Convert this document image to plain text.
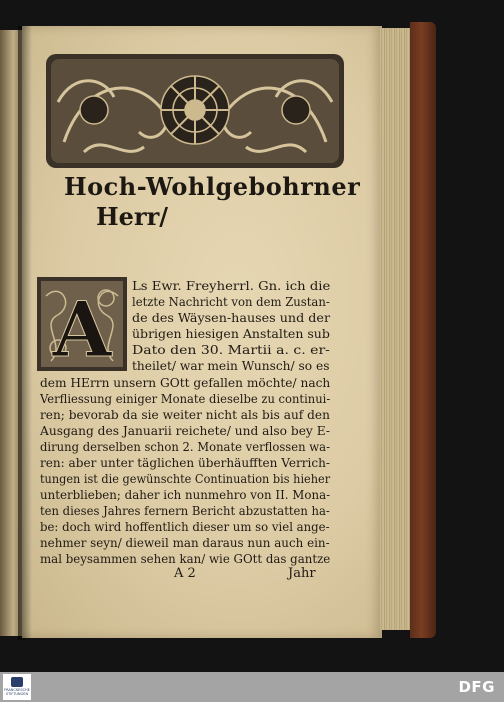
Hoch-Wohlgebohrner
Herr/
A Ls Ewr. Freyherrl. Gn. ich die
letzte Nachricht von dem Zustan-
de des Wäysen-hauses und der
übrigen hiesigen Anstalten sub
Dato den 30. Martii a. c. er-
theilet/ war mein Wunsch/ so es
dem HErrn unsern GOtt gefallen möchte/ nach
Verfliessung einiger Monate dieselbe zu continui-
ren; bevorab da sie weiter nicht als bis auf den
Ausgang des Januarii reichete/ und also bey E-
dirung derselben schon 2. Monate verflossen wa-
ren: aber unter täglichen überhäufften Verrich-
tungen ist die gewünschte Continuation bis hieher
unterblieben; daher ich nunmehro von II. Mona-
ten dieses Jahres fernern Bericht abzustatten ha-
be: doch wird hoffentlich dieser um so viel ange-
nehmer seyn/ dieweil man daraus nun auch ein-
mal beysammen sehen kan/ wie GOtt das gantze
A 2	Jahr
FRANCKESCHE STIFTUNGEN	DFG
